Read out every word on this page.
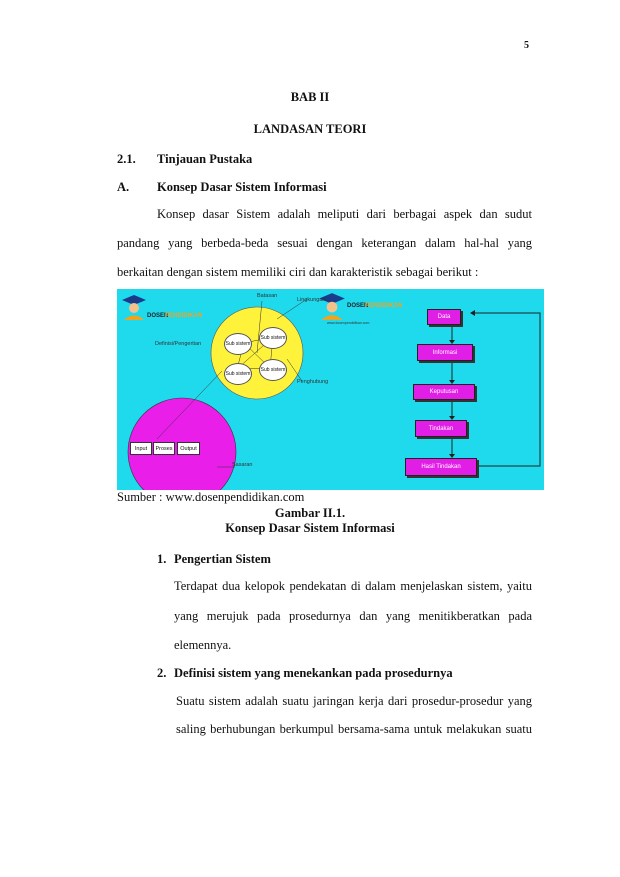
5
BAB II
LANDASAN TEORI
2.1. Tinjauan Pustaka
A. Konsep Dasar Sistem Informasi
Konsep dasar Sistem adalah meliputi dari berbagai aspek dan sudut
pandang yang berbeda-beda sesuai dengan keterangan dalam hal-hal yang
berkaitan dengan sistem memiliki ciri dan karakteristik sebagai berikut :
DOSEN
PENDIDIKAN
DOSEN
PENDIDIKAN
www.dosenpendidikan.com
Batasan
Lingkungan
Definisi/Pengertian
Penghubung
Sasaran
Sub sistem
Sub sistem
Sub sistem
Sub sistem
Input	Proses	Output
Data
Informasi
Keputusan
Tindakan
Hasil Tindakan
Sumber : www.dosenpendidikan.com
Gambar II.1.
Konsep Dasar Sistem Informasi
1. Pengertian Sistem
Terdapat dua kelopok pendekatan di dalam menjelaskan sistem, yaitu
yang merujuk pada prosedurnya dan yang menitikberatkan pada
elemennya.
2. Definisi sistem yang menekankan pada prosedurnya
Suatu sistem adalah suatu jaringan kerja dari prosedur-prosedur yang
saling berhubungan berkumpul bersama-sama untuk melakukan suatu
